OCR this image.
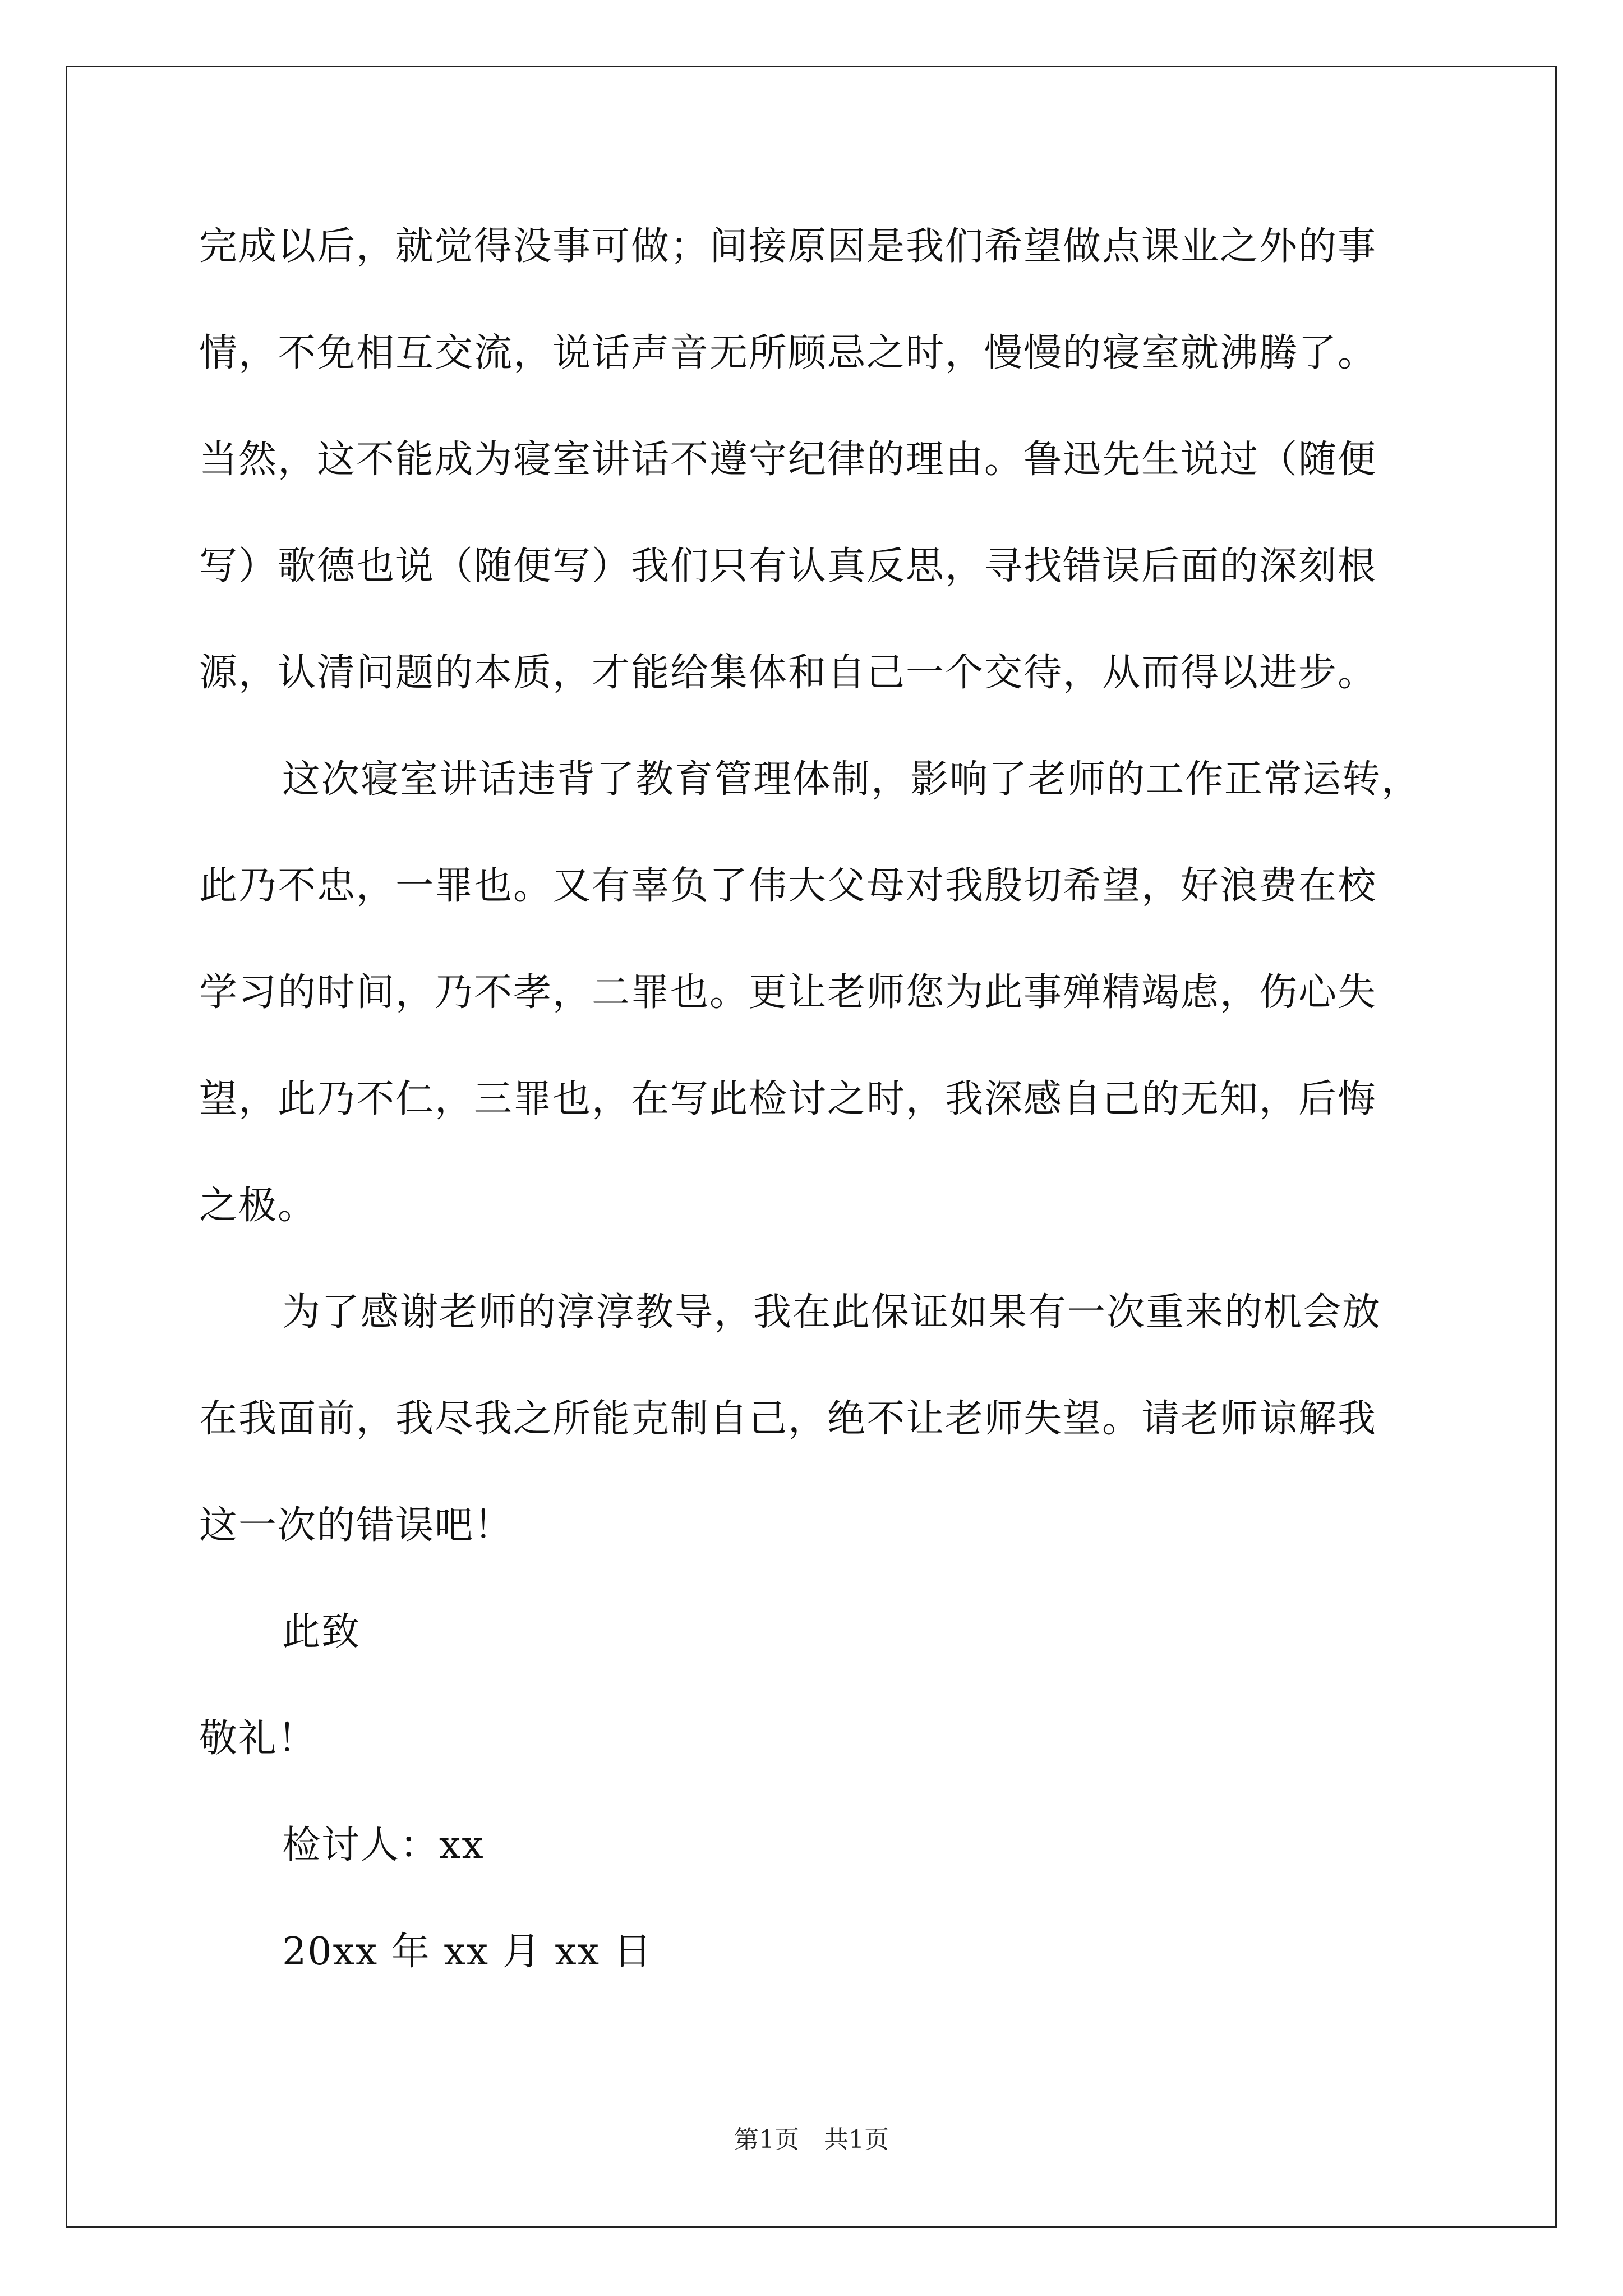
完成以后，就觉得没事可做；间接原因是我们希望做点课业之外的事
情，不免相互交流，说话声音无所顾忌之时，慢慢的寝室就沸腾了。
当然，这不能成为寝室讲话不遵守纪律的理由。鲁迅先生说过（随便
写）歌德也说（随便写）我们只有认真反思，寻找错误后面的深刻根
源，认清问题的本质，才能给集体和自己一个交待，从而得以进步。
这次寝室讲话违背了教育管理体制，影响了老师的工作正常运转，
此乃不忠，一罪也。又有辜负了伟大父母对我殷切希望，好浪费在校
学习的时间，乃不孝，二罪也。更让老师您为此事殚精竭虑，伤心失
望，此乃不仁，三罪也，在写此检讨之时，我深感自己的无知，后悔
之极。
为了感谢老师的淳淳教导，我在此保证如果有一次重来的机会放
在我面前，我尽我之所能克制自己，绝不让老师失望。请老师谅解我
这一次的错误吧！
此致
敬礼！
检讨人：xx
20xx 年 xx 月 xx 日
第1页　共1页
